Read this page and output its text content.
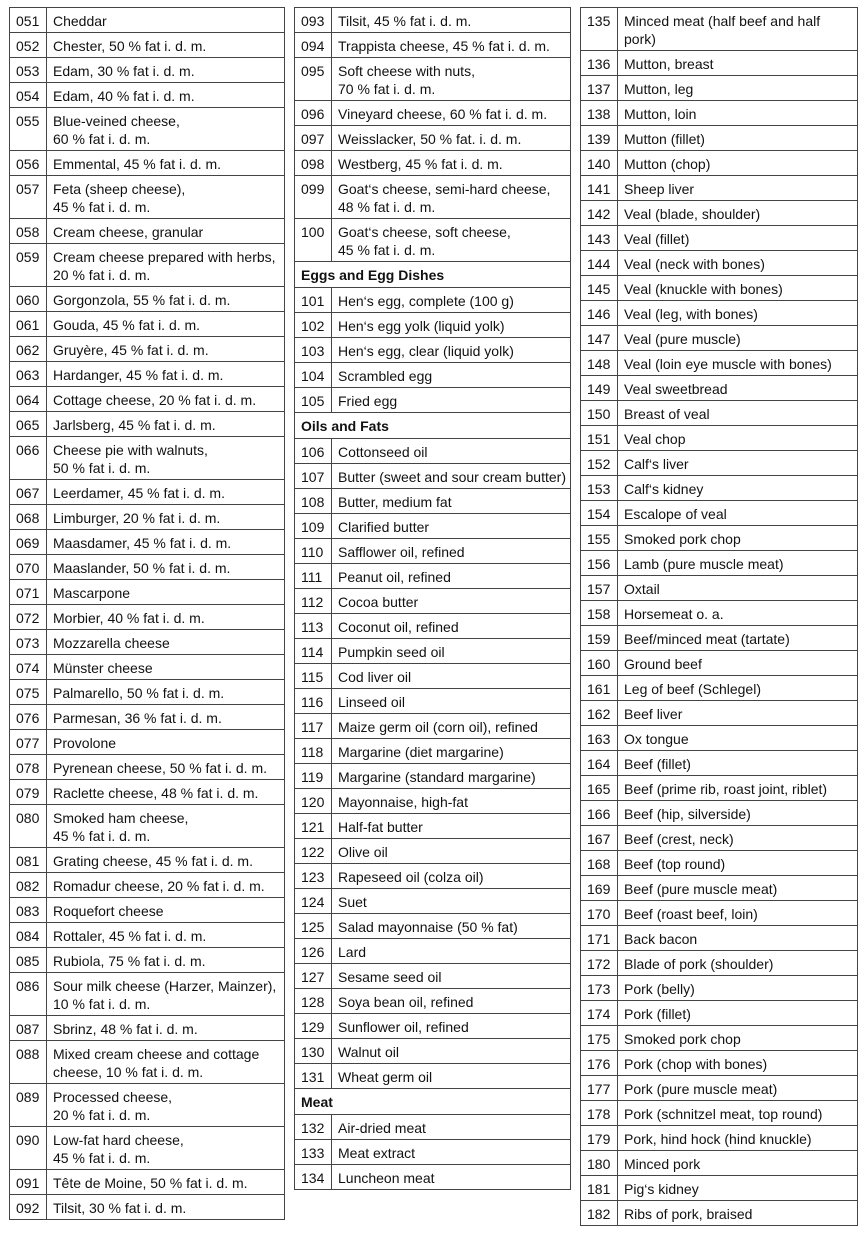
051 Cheddar
052 Chester, 50 % fat i. d. m.
053 Edam, 30 % fat i. d. m.
054 Edam, 40 % fat i. d. m.
055 Blue-veined cheese,
60 % fat i. d. m.
056 Emmental, 45 % fat i. d. m.
057 Feta (sheep cheese),
45 % fat i. d. m.
058 Cream cheese, granular
059 Cream cheese prepared with herbs, 20 % fat i. d. m.
060 Gorgonzola, 55 % fat i. d. m.
061 Gouda, 45 % fat i. d. m.
062 Gruyère, 45 % fat i. d. m.
063 Hardanger, 45 % fat i. d. m.
064 Cottage cheese, 20 % fat i. d. m.
065 Jarlsberg, 45 % fat i. d. m.
066 Cheese pie with walnuts,
50 % fat i. d. m.
067 Leerdamer, 45 % fat i. d. m.
068 Limburger, 20 % fat i. d. m.
069 Maasdamer, 45 % fat i. d. m.
070 Maaslander, 50 % fat i. d. m.
071 Mascarpone
072 Morbier, 40 % fat i. d. m.
073 Mozzarella cheese
074 Münster cheese
075 Palmarello, 50 % fat i. d. m.
076 Parmesan, 36 % fat i. d. m.
077 Provolone
078 Pyrenean cheese, 50 % fat i. d. m.
079 Raclette cheese, 48 % fat i. d. m.
080 Smoked ham cheese,
45 % fat i. d. m.
081 Grating cheese, 45 % fat i. d. m.
082 Romadur cheese, 20 % fat i. d. m.
083 Roquefort cheese
084 Rottaler, 45 % fat i. d. m.
085 Rubiola, 75 % fat i. d. m.
086 Sour milk cheese (Harzer, Mainzer), 10 % fat i. d. m.
087 Sbrinz, 48 % fat i. d. m.
088 Mixed cream cheese and cottage cheese, 10 % fat i. d. m.
089 Processed cheese,
20 % fat i. d. m.
090 Low-fat hard cheese,
45 % fat i. d. m.
091 Tête de Moine, 50 % fat i. d. m.
092 Tilsit, 30 % fat i. d. m.
093 Tilsit, 45 % fat i. d. m.
094 Trappista cheese, 45 % fat i. d. m.
095 Soft cheese with nuts,
70 % fat i. d. m.
096 Vineyard cheese, 60 % fat i. d. m.
097 Weisslacker, 50 % fat. i. d. m.
098 Westberg, 45 % fat i. d. m.
099 Goat‘s cheese, semi-hard cheese, 48 % fat i. d. m.
100 Goat‘s cheese, soft cheese,
45 % fat i. d. m.
Eggs and Egg Dishes
101 Hen‘s egg, complete (100 g)
102 Hen‘s egg yolk (liquid yolk)
103 Hen‘s egg, clear (liquid yolk)
104 Scrambled egg
105 Fried egg
Oils and Fats
106 Cottonseed oil
107 Butter (sweet and sour cream butter)
108 Butter, medium fat
109 Clarified butter
110	Safflower oil, refined
111	Peanut oil, refined
112	Cocoa butter
113	Coconut oil, refined
114	Pumpkin seed oil
115	Cod liver oil
116	Linseed oil
117	Maize germ oil (corn oil), refined
118	Margarine (diet margarine)
119	Margarine (standard margarine)
120 Mayonnaise, high-fat
121 Half-fat butter
122 Olive oil
123 Rapeseed oil (colza oil)
124 Suet
125 Salad mayonnaise (50 % fat)
126 Lard
127 Sesame seed oil
128 Soya bean oil, refined
129 Sunflower oil, refined
130 Walnut oil
131 Wheat germ oil
Meat
132 Air-dried meat
133 Meat extract
134 Luncheon meat
135 Minced meat (half beef and half pork)
136 Mutton, breast
137 Mutton, leg
138 Mutton, loin
139 Mutton (fillet)
140 Mutton (chop)
141 Sheep liver
142 Veal (blade, shoulder)
143 Veal (fillet)
144 Veal (neck with bones)
145 Veal (knuckle with bones)
146 Veal (leg, with bones)
147 Veal (pure muscle)
148 Veal (loin eye muscle with bones)
149 Veal sweetbread
150 Breast of veal
151 Veal chop
152 Calf‘s liver
153 Calf‘s kidney
154 Escalope of veal
155 Smoked pork chop
156 Lamb (pure muscle meat)
157 Oxtail
158 Horsemeat o. a.
159 Beef/minced meat (tartate)
160 Ground beef
161 Leg of beef (Schlegel)
162 Beef liver
163 Ox tongue
164 Beef (fillet)
165 Beef (prime rib, roast joint, riblet)
166 Beef (hip, silverside)
167 Beef (crest, neck)
168 Beef (top round)
169 Beef (pure muscle meat)
170 Beef (roast beef, loin)
171 Back bacon
172 Blade of pork (shoulder)
173 Pork (belly)
174 Pork (fillet)
175 Smoked pork chop
176 Pork (chop with bones)
177 Pork (pure muscle meat)
178 Pork (schnitzel meat, top round)
179 Pork, hind hock (hind knuckle)
180 Minced pork
181 Pig‘s kidney
182 Ribs of pork, braised
